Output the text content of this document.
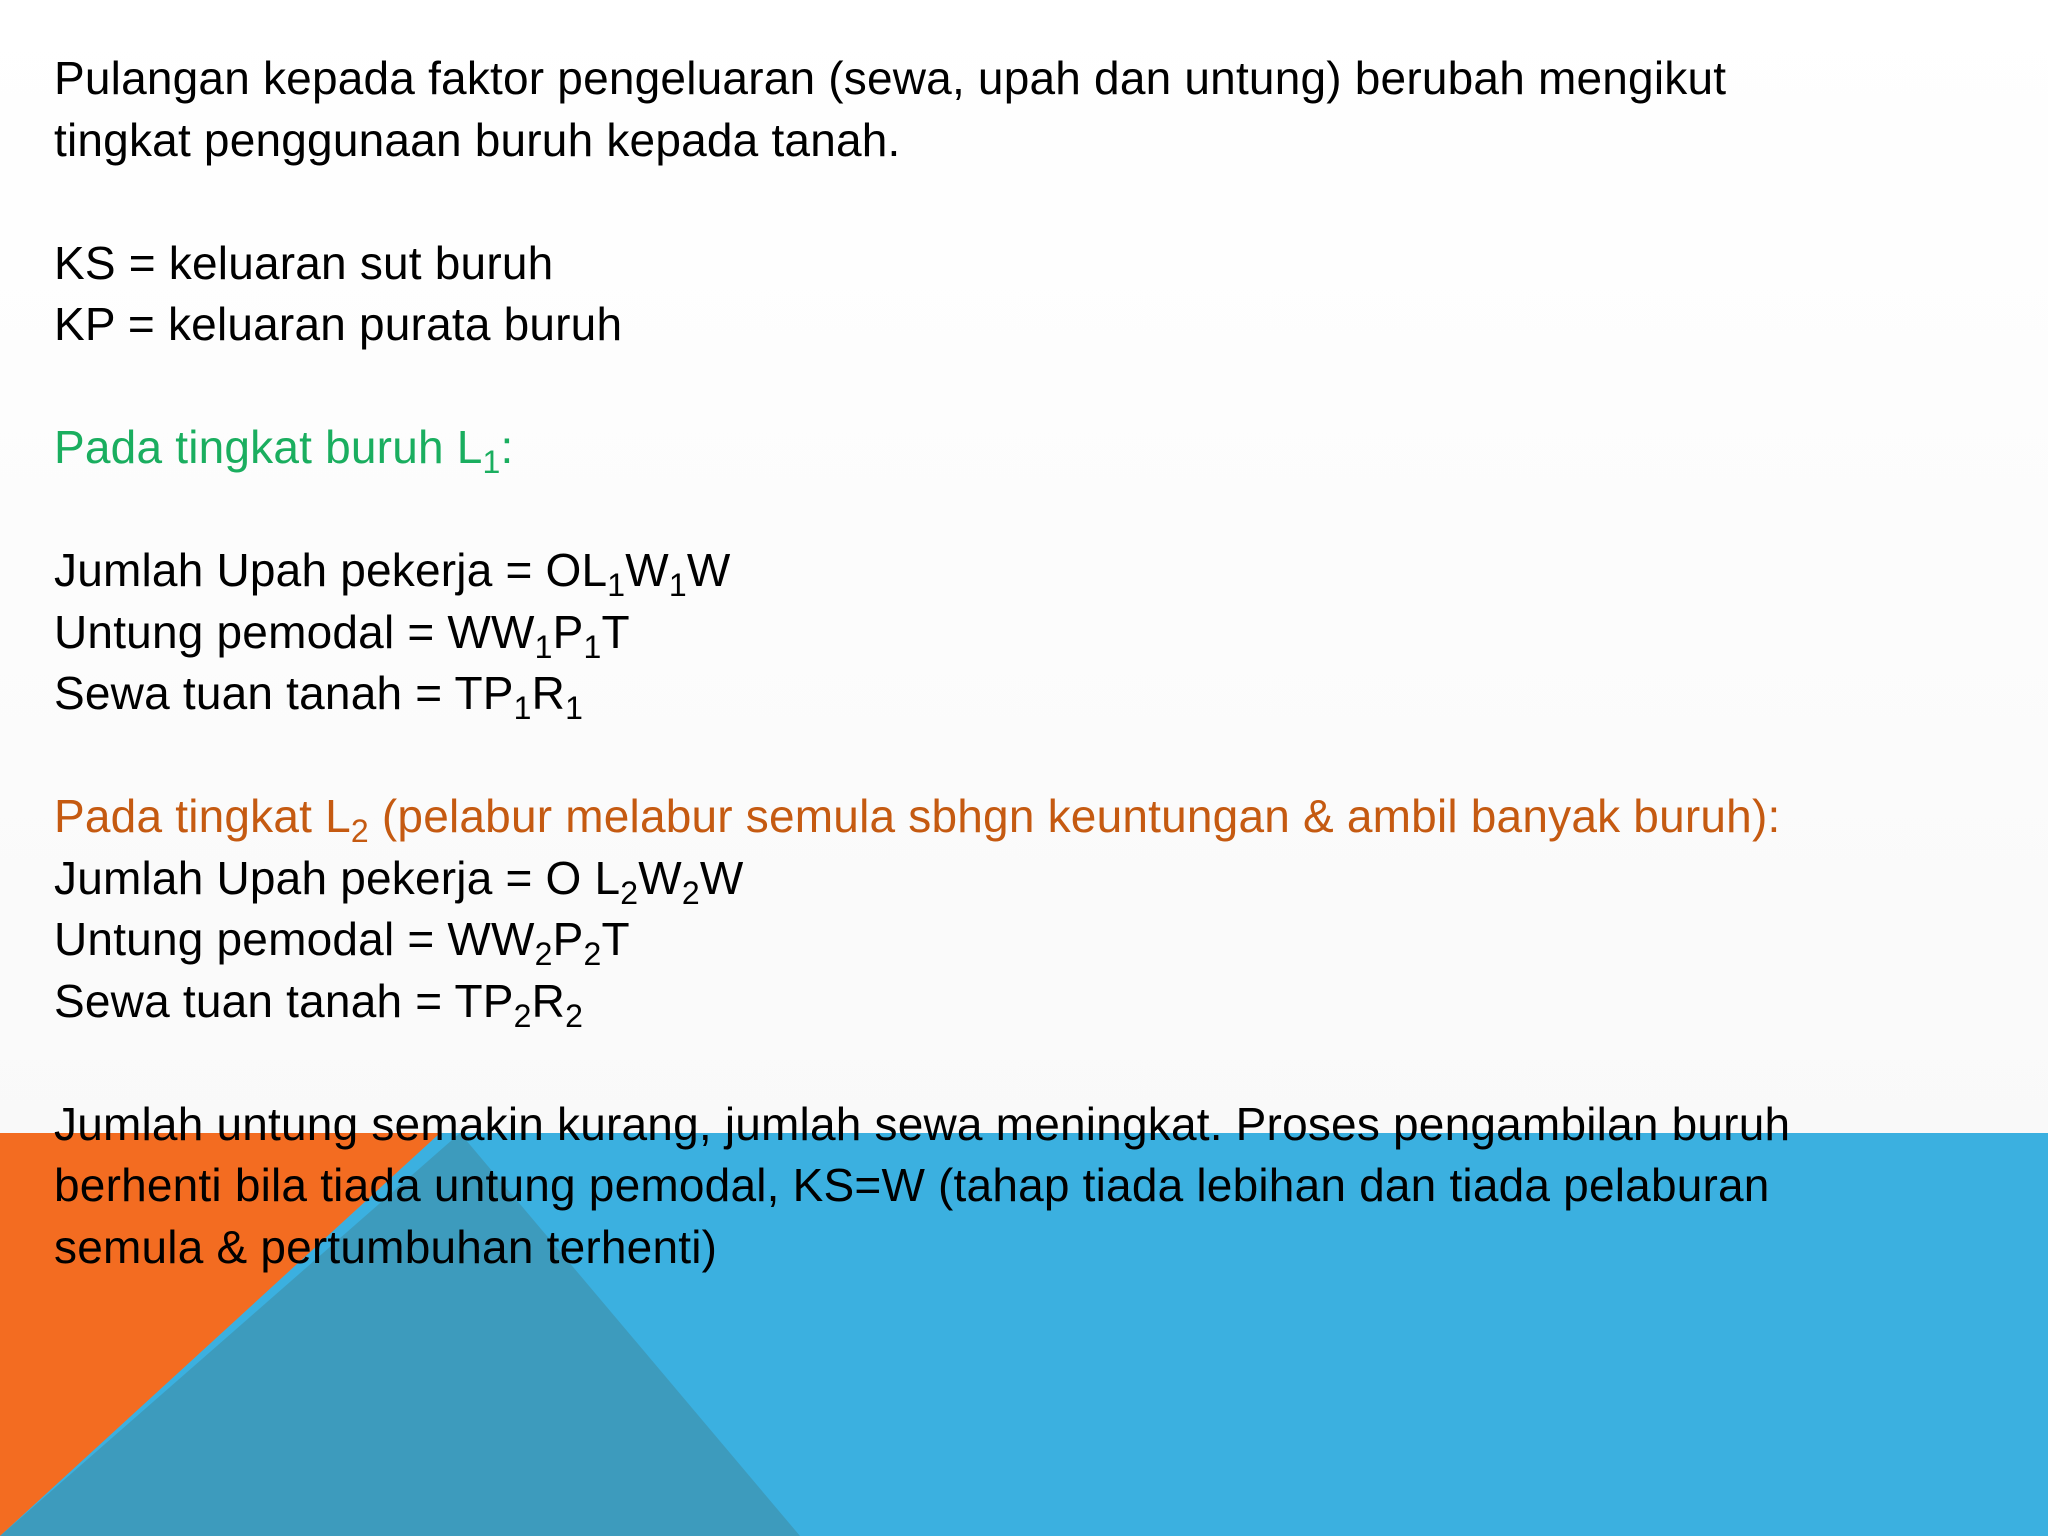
Pulangan kepada faktor pengeluaran (sewa, upah dan untung) berubah mengikut

tingkat penggunaan buruh kepada tanah.

KS = keluaran sut buruh

KP = keluaran purata buruh

Pada tingkat buruh $L_1$:

Jumlah Upah pekerja = $OL_1W_1W$

Untung pemodal = $WW_1P_1T$

Sewa tuan tanah = $TP_1R_1$

Pada tingkat $L_2$ (pelabur melabur semula sbhgn keuntungan & ambil banyak buruh):

Jumlah Upah pekerja = O $L_2W_2W$

Untung pemodal = $WW_2P_2T$

Sewa tuan tanah = $TP_2R_2$

Jumlah untung semakin kurang, jumlah sewa meningkat. Proses pengambilan buruh

berhenti bila tiada untung pemodal, KS=W (tahap tiada lebihan dan tiada pelaburan

semula & pertumbuhan terhenti)
